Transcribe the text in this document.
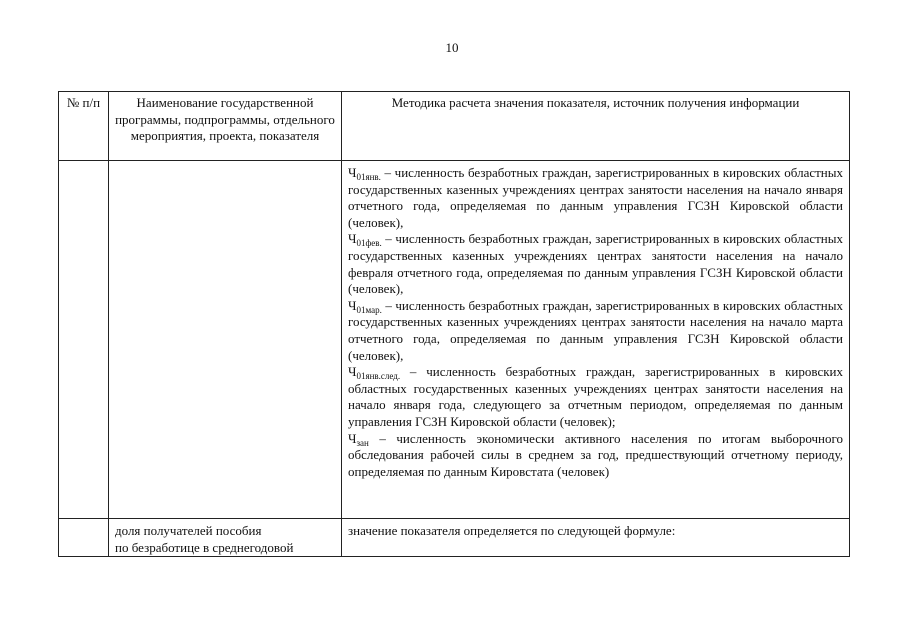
10
№ п/п	Наименование государственной программы, подпрограммы, отдельного мероприятия, проекта, показателя	Методика расчета значения показателя, источник получения информации

		$Ч_{01янв.}$ – численность безработных граждан, зарегистрированных в кировских областных государственных казенных учреждениях центрах занятости населения на начало января отчетного года, определяемая по данным управления ГСЗН Кировской области (человек),

$Ч_{01фев.}$ – численность безработных граждан, зарегистрированных в кировских областных государственных казенных учреждениях центрах занятости населения на начало февраля отчетного года, определяемая по данным управления ГСЗН Кировской области (человек),

$Ч_{01мар.}$ – численность безработных граждан, зарегистрированных в кировских областных государственных казенных учреждениях центрах занятости населения на начало марта отчетного года, определяемая по данным управления ГСЗН Кировской области (человек),

$Ч_{01янв.след.}$ – численность безработных граждан, зарегистрированных в кировских областных государственных казенных учреждениях центрах занятости населения на начало января года, следующего за отчетным периодом, определяемая по данным управления ГСЗН Кировской области (человек);

$Ч_{зан}$ – численность экономически активного населения по итогам выборочного обследования рабочей силы в среднем за год, предшествующий отчетному периоду, определяемая по данным Кировстата (человек)

	доля получателей пособия
по безработице в среднегодовой	значение показателя определяется по следующей формуле:
